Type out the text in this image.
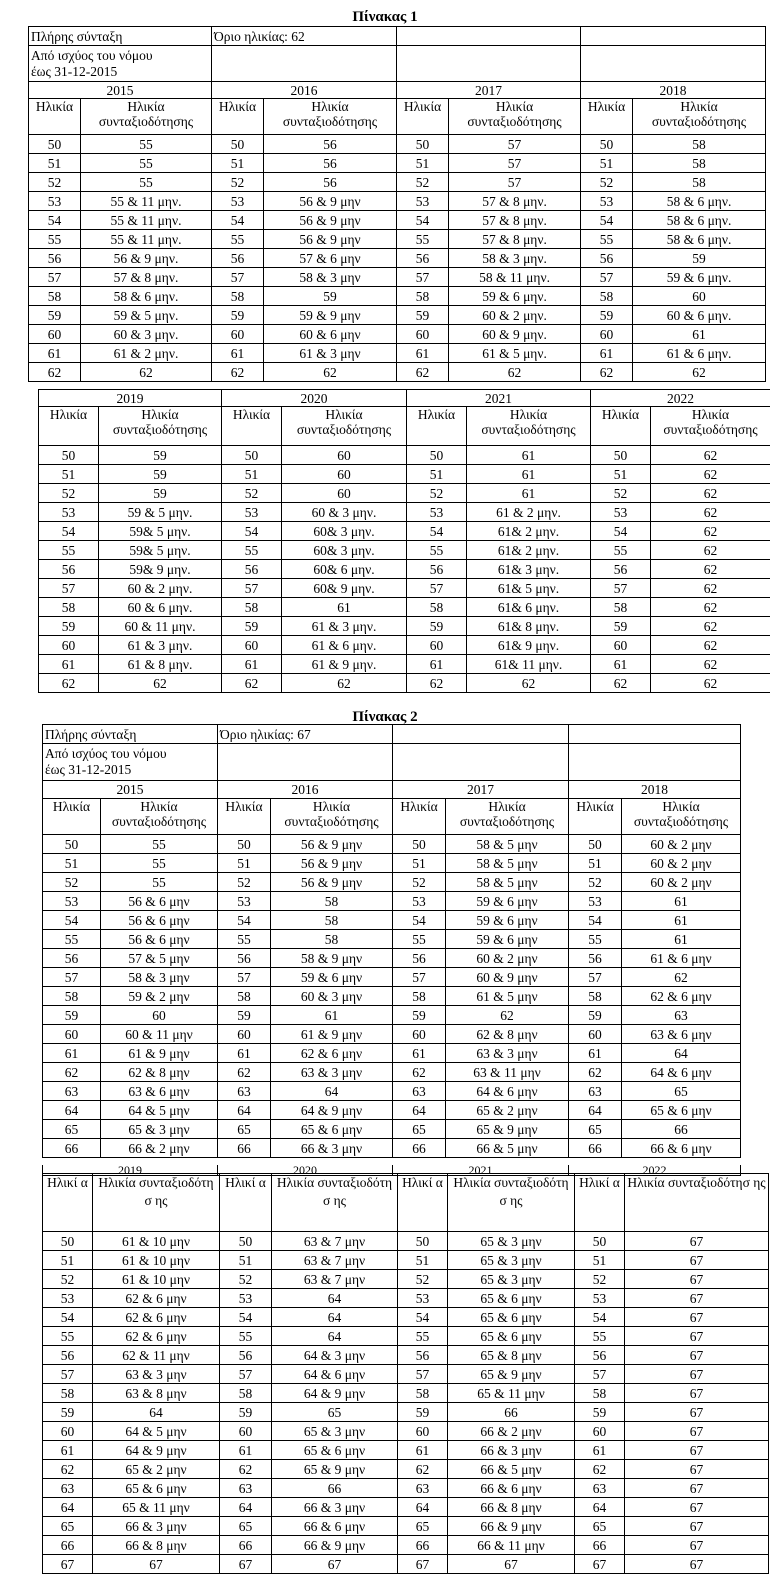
Πίνακας 1
Πλήρης σύνταξη		Όριο ηλικίας: 62					
Από ισχύος του νόμου
έως 31-12-2015							
2015		2016		2017		2018	
Ηλικία	Ηλικία συνταξιοδότησης	Ηλικία	Ηλικία συνταξιοδότησης	Ηλικία	Ηλικία συνταξιοδότησης	Ηλικία	Ηλικία συνταξιοδότησης
50	55	50	56	50	57	50	58
51	55	51	56	51	57	51	58
52	55	52	56	52	57	52	58
53	55 & 11 μην.	53	56 & 9 μην	53	57 & 8 μην.	53	58 & 6 μην.
54	55 & 11 μην.	54	56 & 9 μην	54	57 & 8 μην.	54	58 & 6 μην.
55	55 & 11 μην.	55	56 & 9 μην	55	57 & 8 μην.	55	58 & 6 μην.
56	56 & 9 μην.	56	57 & 6 μην	56	58 & 3 μην.	56	59
57	57 & 8 μην.	57	58 & 3 μην	57	58 & 11 μην.	57	59 & 6 μην.
58	58 & 6 μην.	58	59	58	59 & 6 μην.	58	60
59	59 & 5 μην.	59	59 & 9 μην	59	60 & 2 μην.	59	60 & 6 μην.
60	60 & 3 μην.	60	60 & 6 μην	60	60 & 9 μην.	60	61
61	61 & 2 μην.	61	61 & 3 μην	61	61 & 5 μην.	61	61 & 6 μην.
62	62	62	62	62	62	62	62
2019		2020		2021		2022	
Ηλικία	Ηλικία συνταξιοδότησης	Ηλικία	Ηλικία συνταξιοδότησης	Ηλικία	Ηλικία συνταξιοδότησης	Ηλικία	Ηλικία συνταξιοδότησης
50	59	50	60	50	61	50	62
51	59	51	60	51	61	51	62
52	59	52	60	52	61	52	62
53	59 & 5 μην.	53	60 & 3 μην.	53	61 & 2 μην.	53	62
54	59& 5 μην.	54	60& 3 μην.	54	61& 2 μην.	54	62
55	59& 5 μην.	55	60& 3 μην.	55	61& 2 μην.	55	62
56	59& 9 μην.	56	60& 6 μην.	56	61& 3 μην.	56	62
57	60 & 2 μην.	57	60& 9 μην.	57	61& 5 μην.	57	62
58	60 & 6 μην.	58	61	58	61& 6 μην.	58	62
59	60 & 11 μην.	59	61 & 3 μην.	59	61& 8 μην.	59	62
60	61 & 3 μην.	60	61 & 6 μην.	60	61& 9 μην.	60	62
61	61 & 8 μην.	61	61 & 9 μην.	61	61& 11 μην.	61	62
62	62	62	62	62	62	62	62
Πίνακας 2
Πλήρης σύνταξη		Όριο ηλικίας: 67					
Από ισχύος του νόμου
έως 31-12-2015							
2015		2016		2017		2018	
Ηλικία	Ηλικία συνταξιοδότησης	Ηλικία	Ηλικία συνταξιοδότησης	Ηλικία	Ηλικία συνταξιοδότησης	Ηλικία	Ηλικία συνταξιοδότησης
50	55	50	56 & 9 μην	50	58 & 5 μην	50	60 & 2 μην
51	55	51	56 & 9 μην	51	58 & 5 μην	51	60 & 2 μην
52	55	52	56 & 9 μην	52	58 & 5 μην	52	60 & 2 μην
53	56 & 6 μην	53	58	53	59 & 6 μην	53	61
54	56 & 6 μην	54	58	54	59 & 6 μην	54	61
55	56 & 6 μην	55	58	55	59 & 6 μην	55	61
56	57 & 5 μην	56	58 & 9 μην	56	60 & 2 μην	56	61 & 6 μην
57	58 & 3 μην	57	59 & 6 μην	57	60 & 9 μην	57	62
58	59 & 2 μην	58	60 & 3 μην	58	61 & 5 μην	58	62 & 6 μην
59	60	59	61	59	62	59	63
60	60 & 11 μην	60	61 & 9 μην	60	62 & 8 μην	60	63 & 6 μην
61	61 & 9 μην	61	62 & 6 μην	61	63 & 3 μην	61	64
62	62 & 8 μην	62	63 & 3 μην	62	63 & 11 μην	62	64 & 6 μην
63	63 & 6 μην	63	64	63	64 & 6 μην	63	65
64	64 & 5 μην	64	64 & 9 μην	64	65 & 2 μην	64	65 & 6 μην
65	65 & 3 μην	65	65 & 6 μην	65	65 & 9 μην	65	66
66	66 & 2 μην	66	66 & 3 μην	66	66 & 5 μην	66	66 & 6 μην
2019	2020	2021	2022
Ηλικί α	Ηλικία συνταξιοδότησ ης	Ηλικί α	Ηλικία συνταξιοδότησ ης	Ηλικί α	Ηλικία συνταξιοδότησ ης	Ηλικί α	Ηλικία συνταξιοδότησ ης
50	61 & 10 μην	50	63 & 7 μην	50	65 & 3 μην	50	67
51	61 & 10 μην	51	63 & 7 μην	51	65 & 3 μην	51	67
52	61 & 10 μην	52	63 & 7 μην	52	65 & 3 μην	52	67
53	62 & 6 μην	53	64	53	65 & 6 μην	53	67
54	62 & 6 μην	54	64	54	65 & 6 μην	54	67
55	62 & 6 μην	55	64	55	65 & 6 μην	55	67
56	62 & 11 μην	56	64 & 3 μην	56	65 & 8 μην	56	67
57	63 & 3 μην	57	64 & 6 μην	57	65 & 9 μην	57	67
58	63 & 8 μην	58	64 & 9 μην	58	65 & 11 μην	58	67
59	64	59	65	59	66	59	67
60	64 & 5 μην	60	65 & 3 μην	60	66 & 2 μην	60	67
61	64 & 9 μην	61	65 & 6 μην	61	66 & 3 μην	61	67
62	65 & 2 μην	62	65 & 9 μην	62	66 & 5 μην	62	67
63	65 & 6 μην	63	66	63	66 & 6 μην	63	67
64	65 & 11 μην	64	66 & 3 μην	64	66 & 8 μην	64	67
65	66 & 3 μην	65	66 & 6 μην	65	66 & 9 μην	65	67
66	66 & 8 μην	66	66 & 9 μην	66	66 & 11 μην	66	67
67	67	67	67	67	67	67	67
